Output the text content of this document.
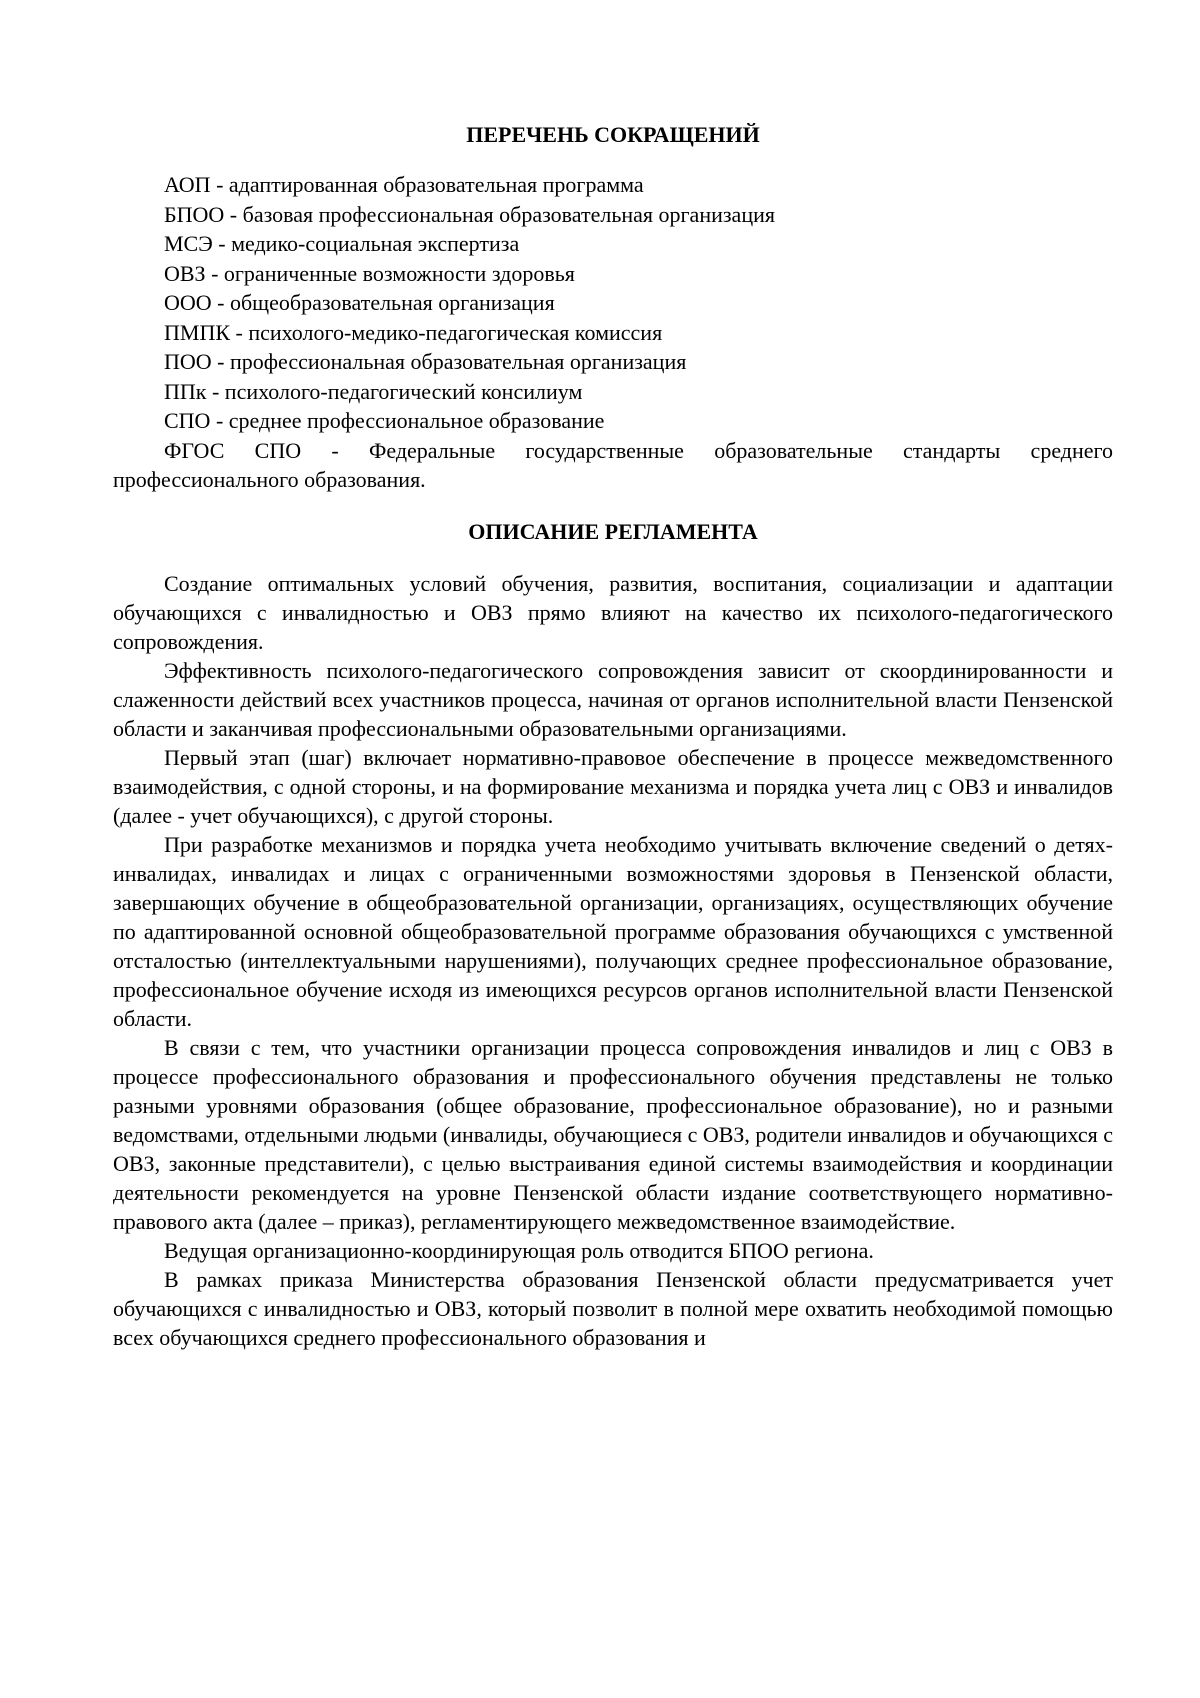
ПЕРЕЧЕНЬ СОКРАЩЕНИЙ
АОП - адаптированная образовательная программа
БПОО - базовая профессиональная образовательная организация
МСЭ - медико-социальная экспертиза
ОВЗ - ограниченные возможности здоровья
ООО - общеобразовательная организация
ПМПК - психолого-медико-педагогическая комиссия
ПОО - профессиональная образовательная организация
ППк - психолого-педагогический консилиум
СПО - среднее профессиональное образование
ФГОС СПО - Федеральные государственные образовательные стандарты среднего профессионального образования.
ОПИСАНИЕ РЕГЛАМЕНТА

Создание оптимальных условий обучения, развития, воспитания, социализации и адаптации обучающихся с инвалидностью и ОВЗ прямо влияют на качество их психолого-педагогического сопровождения.

Эффективность психолого-педагогического сопровождения зависит от скоординированности и слаженности действий всех участников процесса, начиная от органов исполнительной власти Пензенской области и заканчивая профессиональными образовательными организациями.

Первый этап (шаг) включает нормативно-правовое обеспечение в процессе межведомственного взаимодействия, с одной стороны, и на формирование механизма и порядка учета лиц с ОВЗ и инвалидов (далее - учет обучающихся), с другой стороны.

При разработке механизмов и порядка учета необходимо учитывать включение сведений о детях-инвалидах, инвалидах и лицах с ограниченными возможностями здоровья в Пензенской области, завершающих обучение в общеобразовательной организации, организациях, осуществляющих обучение по адаптированной основной общеобразовательной программе образования обучающихся с умственной отсталостью (интеллектуальными нарушениями), получающих среднее профессиональное образование, профессиональное обучение исходя из имеющихся ресурсов органов исполнительной власти Пензенской области.

В связи с тем, что участники организации процесса сопровождения инвалидов и лиц с ОВЗ в процессе профессионального образования и профессионального обучения представлены не только разными уровнями образования (общее образование, профессиональное образование), но и разными ведомствами, отдельными людьми (инвалиды, обучающиеся с ОВЗ, родители инвалидов и обучающихся с ОВЗ, законные представители), с целью выстраивания единой системы взаимодействия и координации деятельности рекомендуется на уровне Пензенской области издание соответствующего нормативно-правового акта (далее – приказ), регламентирующего межведомственное взаимодействие.

Ведущая организационно-координирующая роль отводится БПОО региона.

В рамках приказа Министерства образования Пензенской области предусматривается учет обучающихся с инвалидностью и ОВЗ, который позволит в полной мере охватить необходимой помощью всех обучающихся среднего профессионального образования и
